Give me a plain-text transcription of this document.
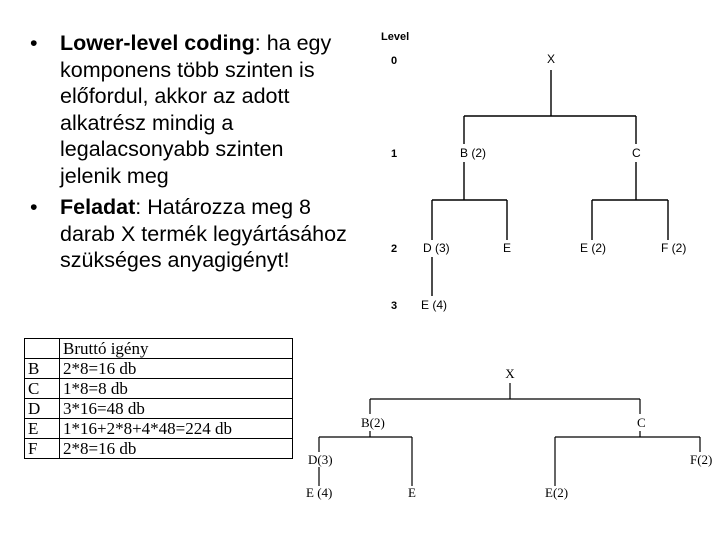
• Lower-level coding: ha egy komponens több szinten is előfordul, akkor az adott alkatrész mindig a legalacsonyabb szinten jelenik meg
• Feladat: Határozza meg 8 darab X termék legyártásához szükséges anyagigényt!
	Bruttó igény
B	2*8=16 db
C	1*8=8 db
D	3*16=48 db
E	1*16+2*8+4*48=224 db
F	2*8=16 db
Level
0
1
2
3
X
B (2)	C
D (3)	E	E (2)	F (2)
E (4)
X
B(2)	C
D(3)	F(2)
E (4)	E	E(2)
